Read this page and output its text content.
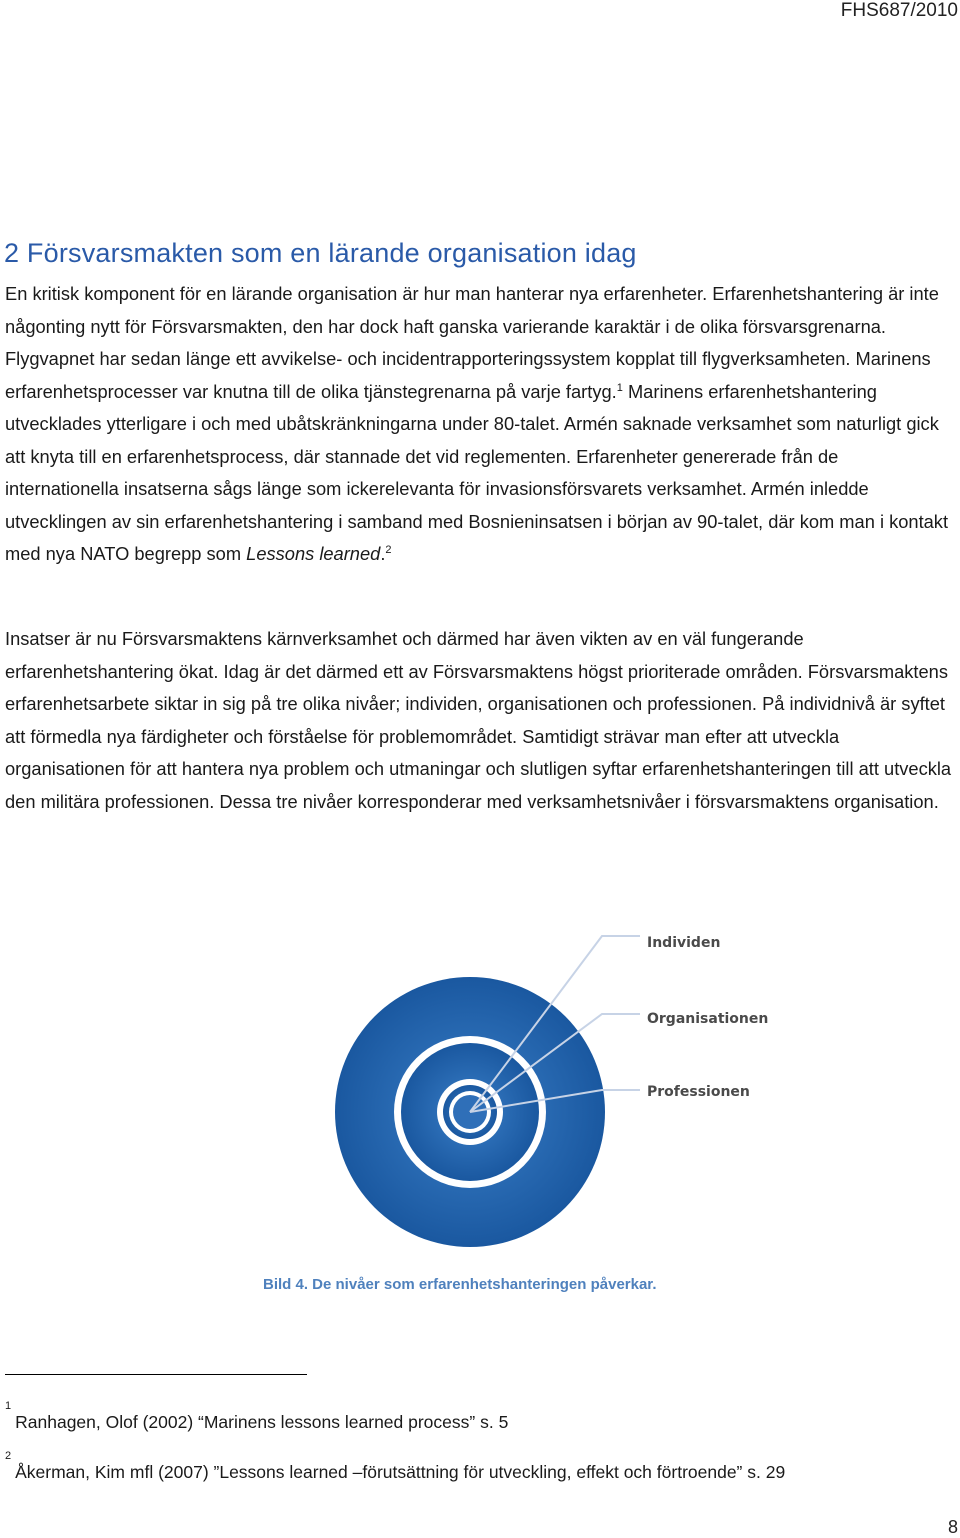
FHS687/2010
2 Försvarsmakten som en lärande organisation idag

En kritisk komponent för en lärande organisation är hur man hanterar nya erfarenheter. Erfarenhetshantering är inte någonting nytt för Försvarsmakten, den har dock haft ganska varierande karaktär i de olika försvarsgrenarna. Flygvapnet har sedan länge ett avvikelse- och incidentrapporteringssystem kopplat till flygverksamheten. Marinens erfarenhetsprocesser var knutna till de olika tjänstegrenarna på varje fartyg.$^1$ Marinens erfarenhetshantering utvecklades ytterligare i och med ubåtskränkningarna under 80-talet. Armén saknade verksamhet som naturligt gick att knyta till en erfarenhetsprocess, där stannade det vid reglementen. Erfarenheter genererade från de internationella insatserna sågs länge som ickerelevanta för invasionsförsvarets verksamhet. Armén inledde utvecklingen av sin erfarenhetshantering i samband med Bosnieninsatsen i början av 90-talet, där kom man i kontakt med nya NATO begrepp som Lessons learned.$^2$

Insatser är nu Försvarsmaktens kärnverksamhet och därmed har även vikten av en väl fungerande erfarenhetshantering ökat. Idag är det därmed ett av Försvarsmaktens högst prioriterade områden. Försvarsmaktens erfarenhetsarbete siktar in sig på tre olika nivåer; individen, organisationen och professionen. På individnivå är syftet att förmedla nya färdigheter och förståelse för problemområdet. Samtidigt strävar man efter att utveckla organisationen för att hantera nya problem och utmaningar och slutligen syftar erfarenhetshanteringen till att utveckla den militära professionen. Dessa tre nivåer korresponderar med verksamhetsnivåer i försvarsmaktens organisation.

Individen
Organisationen
Professionen
Bild 4. De nivåer som erfarenhetshanteringen påverkar.
$^1$Ranhagen, Olof (2002) “Marinens lessons learned process” s. 5
$^2$Åkerman, Kim mfl (2007) ”Lessons learned –förutsättning för utveckling, effekt och förtroende” s. 29
8
